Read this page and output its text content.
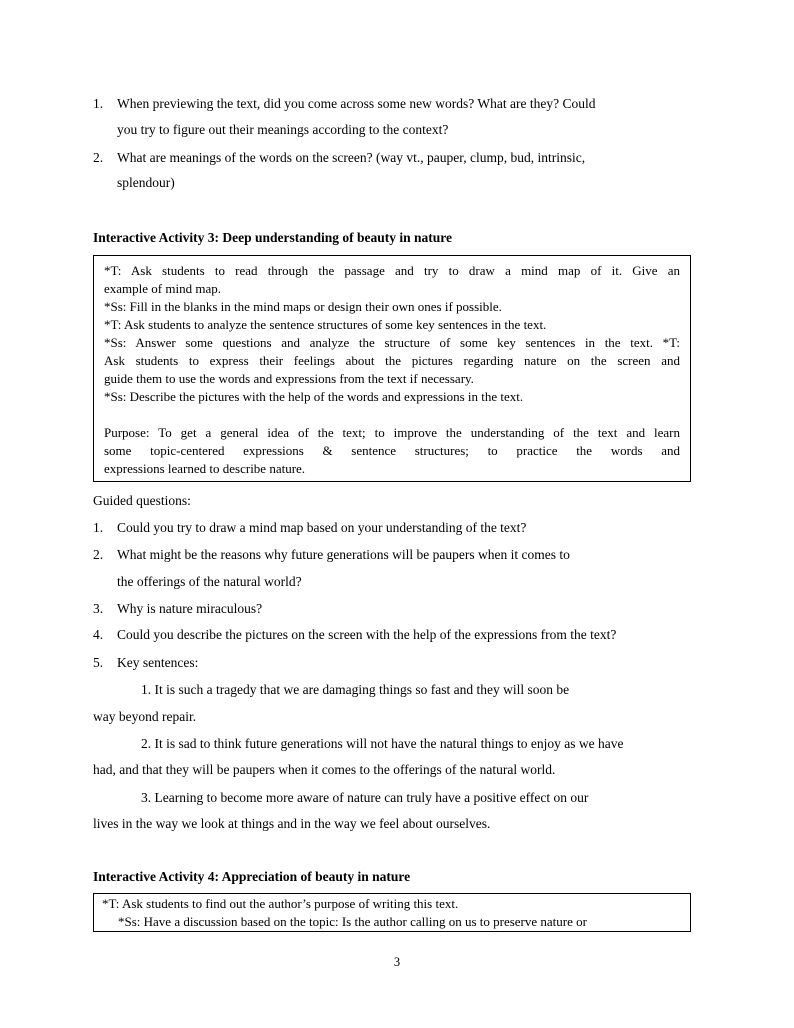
1.	When previewing the text, did you come across some new words? What are they? Could
you try to figure out their meanings according to the context?
2.	What are meanings of the words on the screen? (way vt., pauper, clump, bud, intrinsic,
splendour)
Interactive Activity 3: Deep understanding of beauty in nature
*T: Ask students to read through the passage and try to draw a mind map of it. Give an
example of mind map.
*Ss: Fill in the blanks in the mind maps or design their own ones if possible.
*T: Ask students to analyze the sentence structures of some key sentences in the text.
*Ss: Answer some questions and analyze the structure of some key sentences in the text. *T:
Ask students to express their feelings about the pictures regarding nature on the screen and
guide them to use the words and expressions from the text if necessary.
*Ss: Describe the pictures with the help of the words and expressions in the text.
Purpose: To get a general idea of the text; to improve the understanding of the text and learn
some topic-centered expressions & sentence structures; to practice the words and
expressions learned to describe nature.
Guided questions:
1.	Could you try to draw a mind map based on your understanding of the text?
2.	What might be the reasons why future generations will be paupers when it comes to
the offerings of the natural world?
3.	Why is nature miraculous?
4.	Could you describe the pictures on the screen with the help of the expressions from the text?
5.	Key sentences:
1. It is such a tragedy that we are damaging things so fast and they will soon be
way beyond repair.
2. It is sad to think future generations will not have the natural things to enjoy as we have
had, and that they will be paupers when it comes to the offerings of the natural world.
3. Learning to become more aware of nature can truly have a positive effect on our
lives in the way we look at things and in the way we feel about ourselves.
Interactive Activity 4: Appreciation of beauty in nature
*T: Ask students to find out the author’s purpose of writing this text.
*Ss: Have a discussion based on the topic: Is the author calling on us to preserve nature or
3
